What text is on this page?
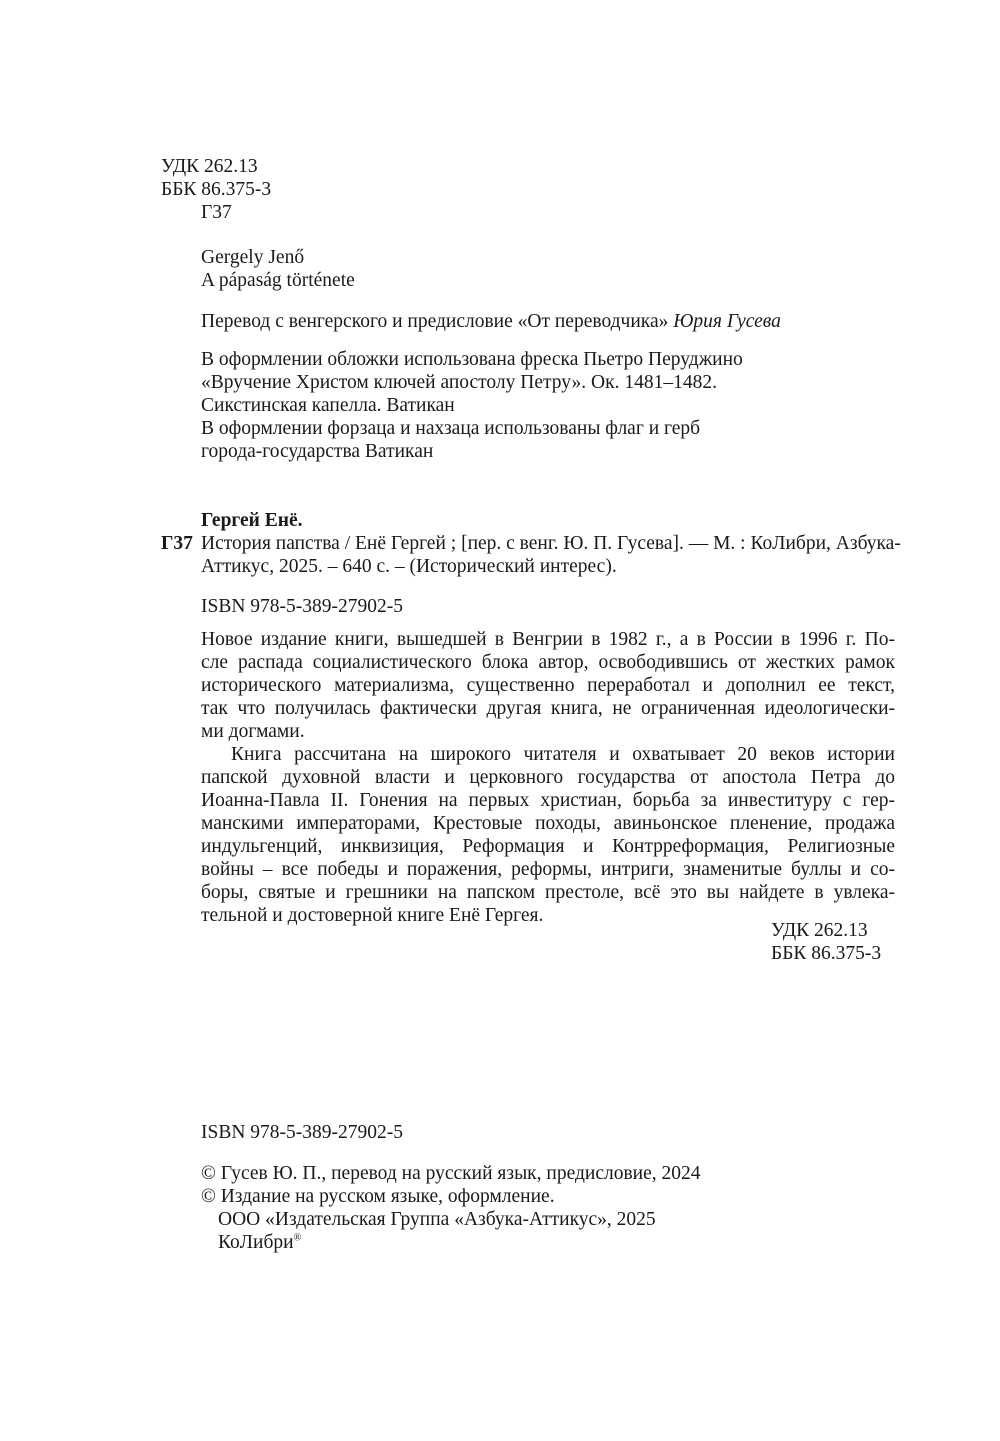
УДК 262.13
ББК 86.375-3
Г37
Gergely Jenő
A pápaság története
Перевод с венгерского и предисловие «От переводчика» Юрия Гусева
В оформлении обложки использована фреска Пьетро Перуджино
«Вручение Христом ключей апостолу Петру». Ок. 1481–1482.
Сикстинская капелла. Ватикан
В оформлении форзаца и нахзаца использованы флаг и герб
города-государства Ватикан
Гергей Енё.
Г37 История папства / Енё Гергей ; [пер. с венг. Ю. П. Гусева]. — М. : КоЛибри, Азбука-
Аттикус, 2025. – 640 с. – (Исторический интерес).
ISBN 978-5-389-27902-5
Новое издание книги, вышедшей в Венгрии в 1982 г., а в России в 1996 г. По-
сле распада социалистического блока автор, освободившись от жестких рамок
исторического материализма, существенно переработал и дополнил ее текст,
так что получилась фактически другая книга, не ограниченная идеологически-
ми догмами.
Книга рассчитана на широкого читателя и охватывает 20 веков истории
папской духовной власти и церковного государства от апостола Петра до
Иоанна-Павла II. Гонения на первых христиан, борьба за инвеституру с гер-
манскими императорами, Крестовые походы, авиньонское пленение, продажа
индульгенций, инквизиция, Реформация и Контрреформация, Религиозные
войны – все победы и поражения, реформы, интриги, знаменитые буллы и со-
боры, святые и грешники на папском престоле, всё это вы найдете в увлека-
тельной и достоверной книге Енё Гергея.
УДК 262.13
ББК 86.375-3
ISBN 978-5-389-27902-5
© Гусев Ю. П., перевод на русский язык, предисловие, 2024
© Издание на русском языке, оформление.
ООО «Издательская Группа «Азбука-Аттикус», 2025
КоЛибри®
